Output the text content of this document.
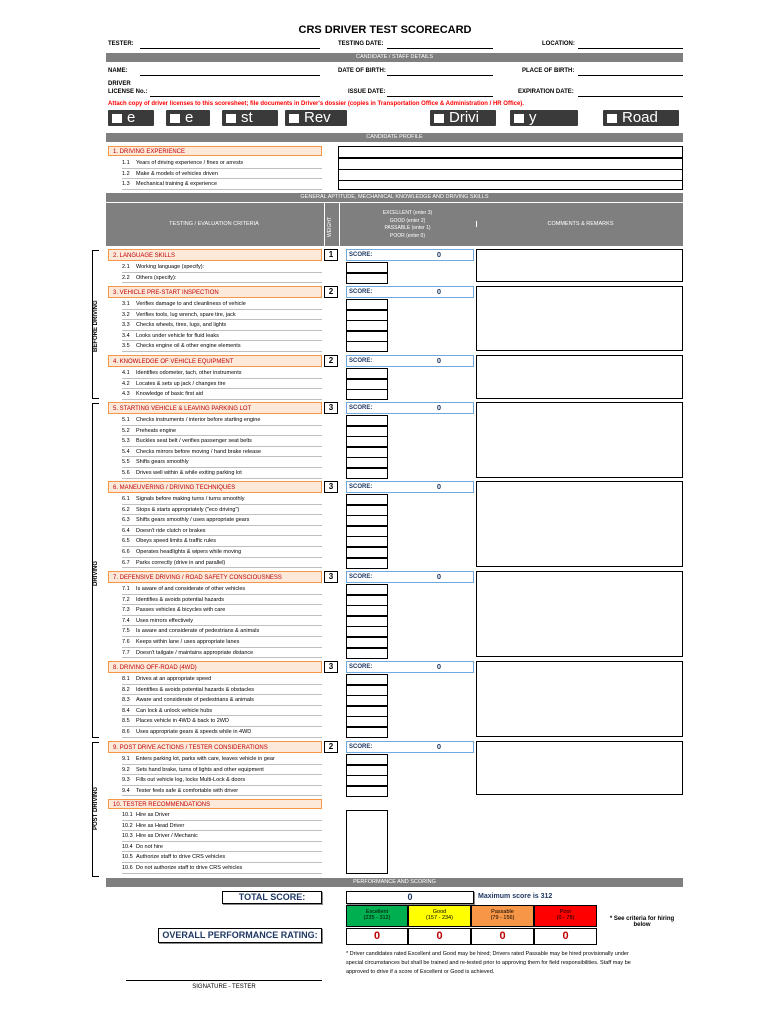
CRS DRIVER TEST SCORECARD
TESTER:	TESTING DATE:	LOCATION:
CANDIDATE / STAFF DETAILS
NAME:	DATE OF BIRTH:	PLACE OF BIRTH:
DRIVER
LICENSE No.:	ISSUE DATE:	EXPIRATION DATE:
Attach copy of driver licenses to this scoresheet; file documents in Driver's dossier (copies in Transportation Office & Administration / HR Office).
e	e	st	Rev	Drivi	y	Road
CANDIDATE PROFILE
1. DRIVING EXPERIENCE
1.1 Years of driving experience / fines or arrests
1.2 Make & models of vehicles driven
1.3 Mechanical training & experience
GENERAL APTITUDE, MECHANICAL KNOWLEDGE AND DRIVING SKILLS
TESTING / EVALUATION CRITERIA	WEIGHT
EXCELLENT (enter 3)
GOOD (enter 2)
PASSABLE (enter 1)
POOR (enter 0)
COMMENTS & REMARKS
BEFORE DRIVING
DRIVING
POST DRIVING
2. LANGUAGE SKILLS	1	SCORE:	0
2.1 Working language (specify):
2.2 Others (specify):
3. VEHICLE PRE-START INSPECTION	2	SCORE:	0
3.1 Verifies damage to and cleanliness of vehicle
3.2 Verifies tools, lug wrench, spare tire, jack
3.3 Checks wheels, tires, lugs, and lights
3.4 Looks under vehicle for fluid leaks
3.5 Checks engine oil & other engine elements
4. KNOWLEDGE OF VEHICLE EQUIPMENT	2	SCORE:	0
4.1 Identifies odometer, tach, other instruments
4.2 Locates & sets up jack / changes tire
4.3 Knowledge of basic first aid
5. STARTING VEHICLE & LEAVING PARKING LOT	3	SCORE:	0
5.1 Checks instruments / interior before starting engine
5.2 Preheats engine
5.3 Buckles seat belt / verifies passenger seat belts
5.4 Checks mirrors before moving / hand brake release
5.5 Shifts gears smoothly
5.6 Drives well within & while exiting parking lot
6. MANEUVERING / DRIVING TECHNIQUES	3	SCORE:	0
6.1 Signals before making turns / turns smoothly
6.2 Stops & starts appropriately ("eco driving")
6.3 Shifts gears smoothly / uses appropriate gears
6.4 Doesn't ride clutch or brakes
6.5 Obeys speed limits & traffic rules
6.6 Operates headlights & wipers while moving
6.7 Parks correctly (drive in and parallel)
7. DEFENSIVE DRIVING / ROAD SAFETY CONSCIOUSNESS	3	SCORE:	0
7.1 Is aware of and considerate of other vehicles
7.2 Identifies & avoids potential hazards
7.3 Passes vehicles & bicycles with care
7.4 Uses mirrors effectively
7.5 Is aware and considerate of pedestrians & animals
7.6 Keeps within lane / uses appropriate lanes
7.7 Doesn't tailgate / maintains appropriate distance
8. DRIVING OFF-ROAD (4WD)	3	SCORE:	0
8.1 Drives at an appropriate speed
8.2 Identifies & avoids potential hazards & obstacles
8.3 Aware and considerate of pedestrians & animals
8.4 Can lock & unlock vehicle hubs
8.5 Places vehicle in 4WD & back to 2WD
8.6 Uses appropriate gears & speeds while in 4WD
9. POST DRIVE ACTIONS / TESTER CONSIDERATIONS	2	SCORE:	0
9.1 Enters parking lot, parks with care, leaves vehicle in gear
9.2 Sets hand brake, turns of lights and other equipment
9.3 Fills out vehicle log, locks Multi-Lock & doors
9.4 Tester feels safe & comfortable with driver
10. TESTER RECOMMENDATIONS
10.1 Hire as Driver
10.2 Hire as Head Driver
10.3 Hire as Driver / Mechanic
10.4 Do not hire
10.5 Authorize staff to drive CRS vehicles
10.6 Do not authorize staff to drive CRS vehicles
PERFORMANCE AND SCORING
TOTAL SCORE:	0	Maximum score is 312
Excellent
(235 - 312)
Good
(157 - 234)
Passable
(79 - 156)
Poor
(0 - 78)	* See criteria for hiring below
OVERALL PERFORMANCE RATING:	0	0	0	0
* Driver candidates rated Excellent and Good may be hired; Drivers rated Passable may be hired provisionally under
special circumstances but shall be trained and re-tested prior to approving them for field responsibilities. Staff may be
approved to drive if a score of Excellent or Good is achieved.
SIGNATURE - TESTER
